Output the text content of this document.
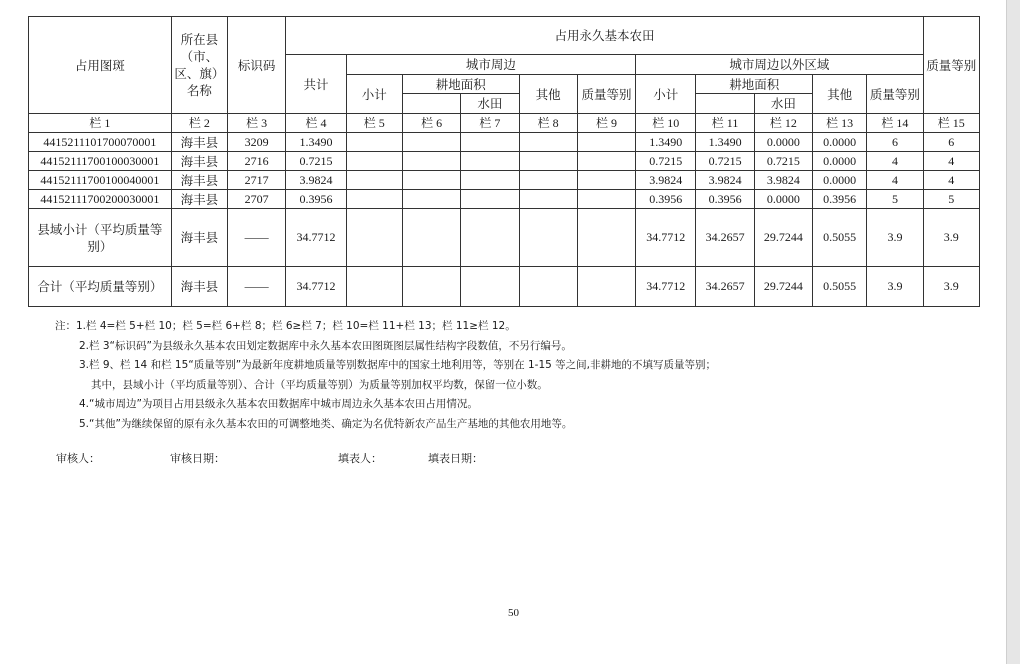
占用图斑	所在县（市、区、旗）名称	标识码	占用永久基本农田											质量等别
			共计	城市周边					城市周边以外区域					
				小计	耕地面积		其他	质量等别	小计	耕地面积		其他	质量等别	
						水田					水田			
栏 1	栏 2	栏 3	栏 4	栏 5	栏 6	栏 7	栏 8	栏 9	栏 10	栏 11	栏 12	栏 13	栏 14	栏 15
4415211101700070001	海丰县	3209	1.3490						1.3490	1.3490	0.0000	0.0000	6	6
44152111700100030001	海丰县	2716	0.7215						0.7215	0.7215	0.7215	0.0000	4	4
44152111700100040001	海丰县	2717	3.9824						3.9824	3.9824	3.9824	0.0000	4	4
44152111700200030001	海丰县	2707	0.3956						0.3956	0.3956	0.0000	0.3956	5	5
县域小计（平均质量等别）	海丰县	——	34.7712						34.7712	34.2657	29.7244	0.5055	3.9	3.9
合计（平均质量等别）	海丰县	——	34.7712						34.7712	34.2657	29.7244	0.5055	3.9	3.9
注：1.栏 4=栏 5+栏 10；栏 5=栏 6+栏 8；栏 6≥栏 7；栏 10=栏 11+栏 13；栏 11≥栏 12。
2.栏 3“标识码”为县级永久基本农田划定数据库中永久基本农田图斑图层属性结构字段数值，不另行编号。
3.栏 9、栏 14 和栏 15“质量等别”为最新年度耕地质量等别数据库中的国家土地利用等，等别在 1-15 等之间,非耕地的不填写质量等别；
其中，县域小计（平均质量等别）、合计（平均质量等别）为质量等别加权平均数，保留一位小数。
4.“城市周边”为项目占用县级永久基本农田数据库中城市周边永久基本农田占用情况。
5.“其他”为继续保留的原有永久基本农田的可调整地类、确定为名优特新农产品生产基地的其他农用地等。
审核人：	审核日期：	填表人：	填表日期：
50
